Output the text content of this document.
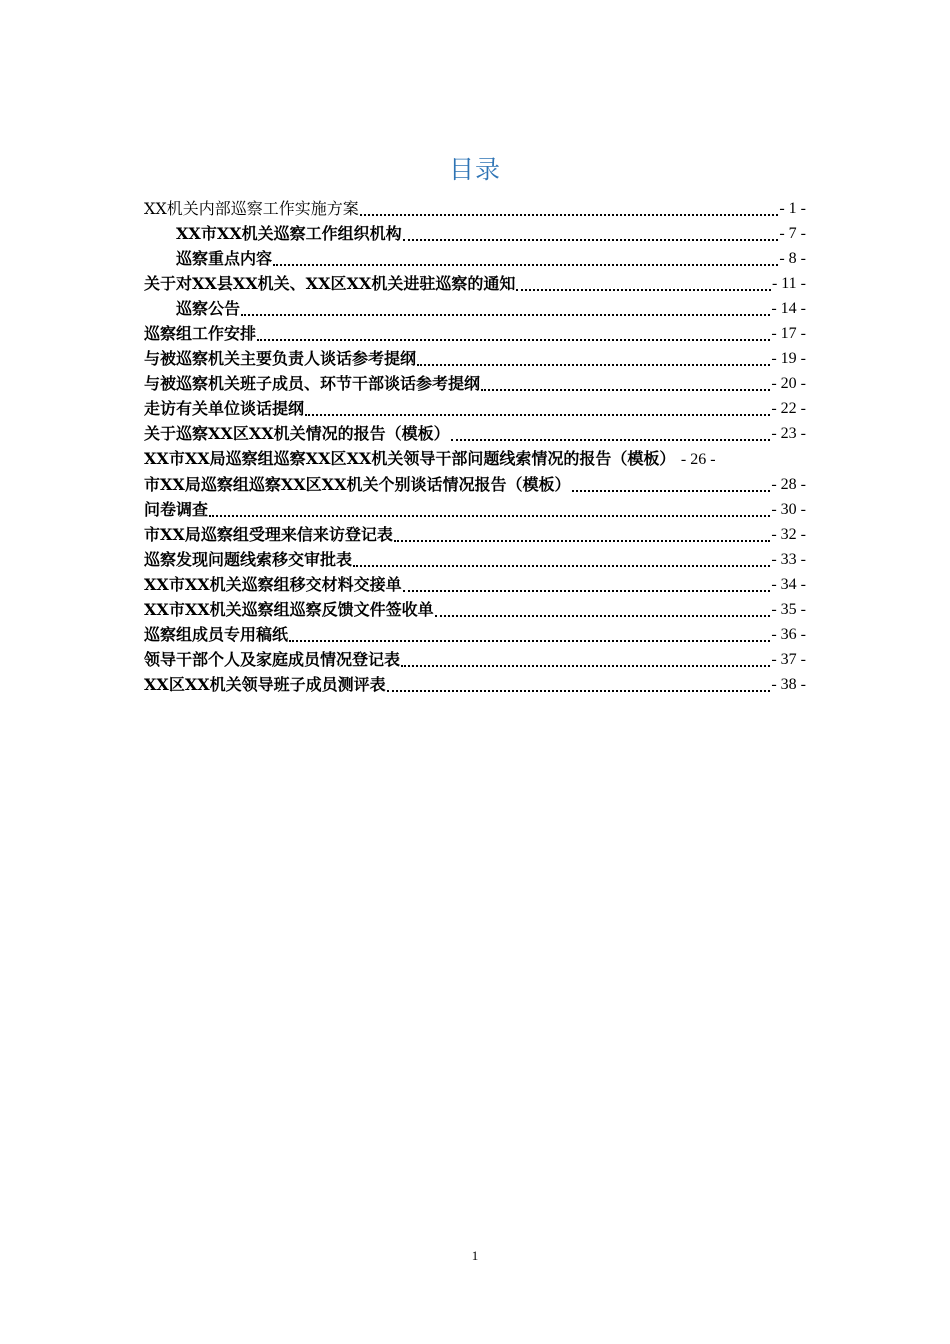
目录
XX机关内部巡察工作实施方案	- 1 -
XX市XX机关巡察工作组织机构	- 7 -
巡察重点内容	- 8 -
关于对XX县XX机关、XX区XX机关进驻巡察的通知	- 11 -
巡察公告	- 14 -
巡察组工作安排	- 17 -
与被巡察机关主要负责人谈话参考提纲	- 19 -
与被巡察机关班子成员、环节干部谈话参考提纲	- 20 -
走访有关单位谈话提纲	- 22 -
关于巡察XX区XX机关情况的报告（模板）	- 23 -
XX市XX局巡察组巡察XX区XX机关领导干部问题线索情况的报告（模板） - 26 -
市XX局巡察组巡察XX区XX机关个别谈话情况报告（模板）	- 28 -
问卷调查	- 30 -
市XX局巡察组受理来信来访登记表	- 32 -
巡察发现问题线索移交审批表	- 33 -
XX市XX机关巡察组移交材料交接单	- 34 -
XX市XX机关巡察组巡察反馈文件签收单	- 35 -
巡察组成员专用稿纸	- 36 -
领导干部个人及家庭成员情况登记表	- 37 -
XX区XX机关领导班子成员测评表	- 38 -
1
